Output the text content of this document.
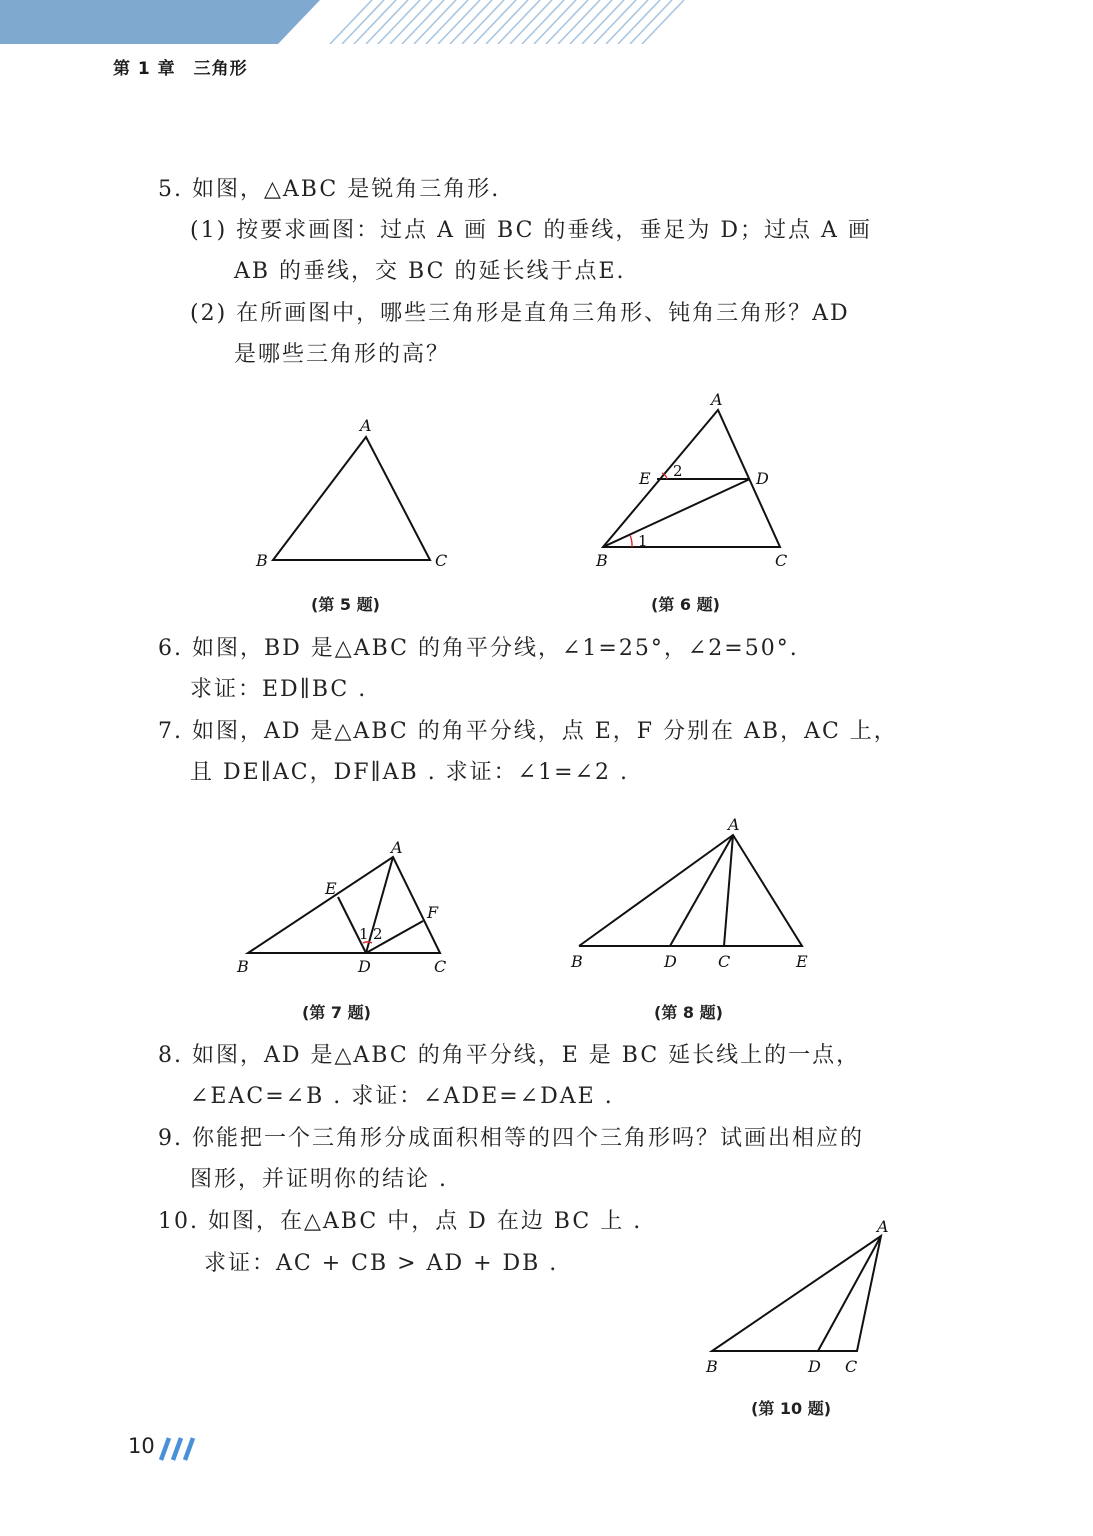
第 1 章 三角形
5. 如图，△ABC 是锐角三角形.
(1) 按要求画图：过点 A 画 BC 的垂线，垂足为 D；过点 A 画
AB 的垂线，交 BC 的延长线于点E.
(2) 在所画图中，哪些三角形是直角三角形、钝角三角形？AD
是哪些三角形的高？
A
B	C
(第 5 题)
A
E	D
B	C
1
2
(第 6 题)
6. 如图，BD 是△ABC 的角平分线，∠1=25°，∠2=50°.
求证：ED∥BC .
7. 如图，AD 是△ABC 的角平分线，点 E，F 分别在 AB，AC 上，
且 DE∥AC，DF∥AB . 求证：∠1=∠2 .
A
E
F
B	D	C
1 2
(第 7 题)
A
B	D	C	E
(第 8 题)
8. 如图，AD 是△ABC 的角平分线，E 是 BC 延长线上的一点，
∠EAC=∠B . 求证：∠ADE=∠DAE .
9. 你能把一个三角形分成面积相等的四个三角形吗？试画出相应的
图形，并证明你的结论 .
10. 如图，在△ABC 中，点 D 在边 BC 上 .
求证：AC + CB > AD + DB .
A
B	D C
(第 10 题)
10
